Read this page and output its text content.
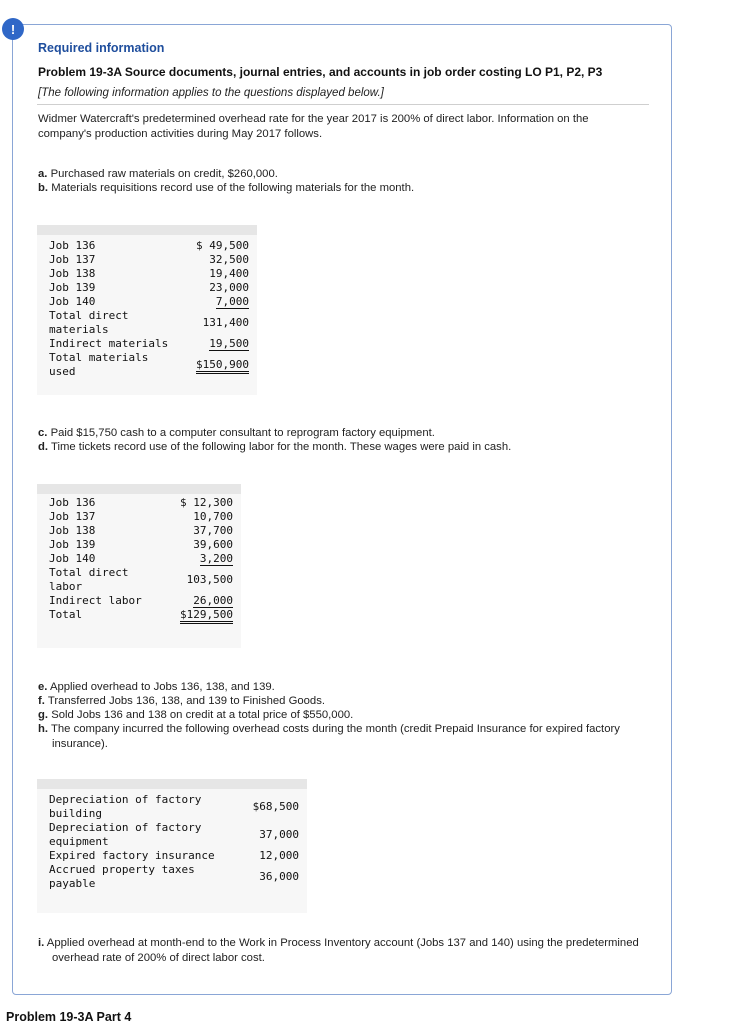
!
Required information
Problem 19-3A Source documents, journal entries, and accounts in job order costing LO P1, P2, P3
[The following information applies to the questions displayed below.]
Widmer Watercraft's predetermined overhead rate for the year 2017 is 200% of direct labor. Information on the company's production activities during May 2017 follows.
a. Purchased raw materials on credit, $260,000.
b. Materials requisitions record use of the following materials for the month.
Job 136	$ 49,500
Job 137	32,500
Job 138	19,400
Job 139	23,000
Job 140	7,000
Total direct materials	131,400
Indirect materials	19,500
Total materials used	$150,900
c. Paid $15,750 cash to a computer consultant to reprogram factory equipment.
d. Time tickets record use of the following labor for the month. These wages were paid in cash.
Job 136	$ 12,300
Job 137	10,700
Job 138	37,700
Job 139	39,600
Job 140	3,200
Total direct labor	103,500
Indirect labor	26,000
Total	$129,500
e. Applied overhead to Jobs 136, 138, and 139.
f. Transferred Jobs 136, 138, and 139 to Finished Goods.
g. Sold Jobs 136 and 138 on credit at a total price of $550,000.
h. The company incurred the following overhead costs during the month (credit Prepaid Insurance for expired factory insurance).
Depreciation of factory building	$68,500
Depreciation of factory equipment	37,000
Expired factory insurance	12,000
Accrued property taxes payable	36,000
i. Applied overhead at month-end to the Work in Process Inventory account (Jobs 137 and 140) using the predetermined overhead rate of 200% of direct labor cost.
Problem 19-3A Part 4
